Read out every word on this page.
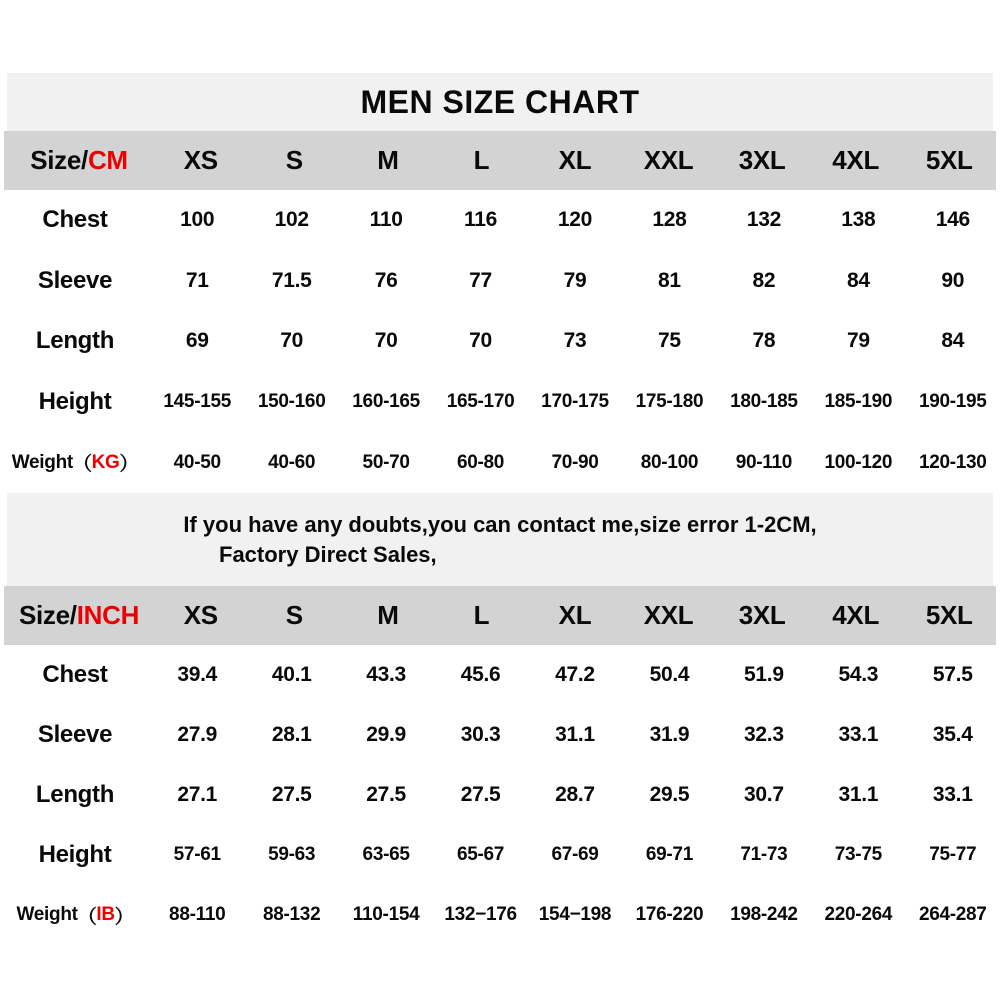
MEN SIZE CHART
Size/ CM	XS	S	M	L	XL	XXL	3XL	4XL	5XL
Chest	100	102	110	116	120	128	132	138	146
Sleeve	71	71.5	76	77	79	81	82	84	90
Length	69	70	70	70	73	75	78	79	84
Height	145-155	150-160	160-165	165-170	170-175	175-180	180-185	185-190	190-195
Weight （ KG ）	40-50	40-60	50-70	60-80	70-90	80-100	90-110	100-120	120-130
If you have any doubts,you can contact me,size error 1-2CM,
Factory Direct Sales,
Size/ INCH	XS	S	M	L	XL	XXL	3XL	4XL	5XL
Chest	39.4	40.1	43.3	45.6	47.2	50.4	51.9	54.3	57.5
Sleeve	27.9	28.1	29.9	30.3	31.1	31.9	32.3	33.1	35.4
Length	27.1	27.5	27.5	27.5	28.7	29.5	30.7	31.1	33.1
Height	57-61	59-63	63-65	65-67	67-69	69-71	71-73	73-75	75-77
Weight （ IB ）	88-110	88-132	110-154	132−176	154−198	176-220	198-242	220-264	264-287
